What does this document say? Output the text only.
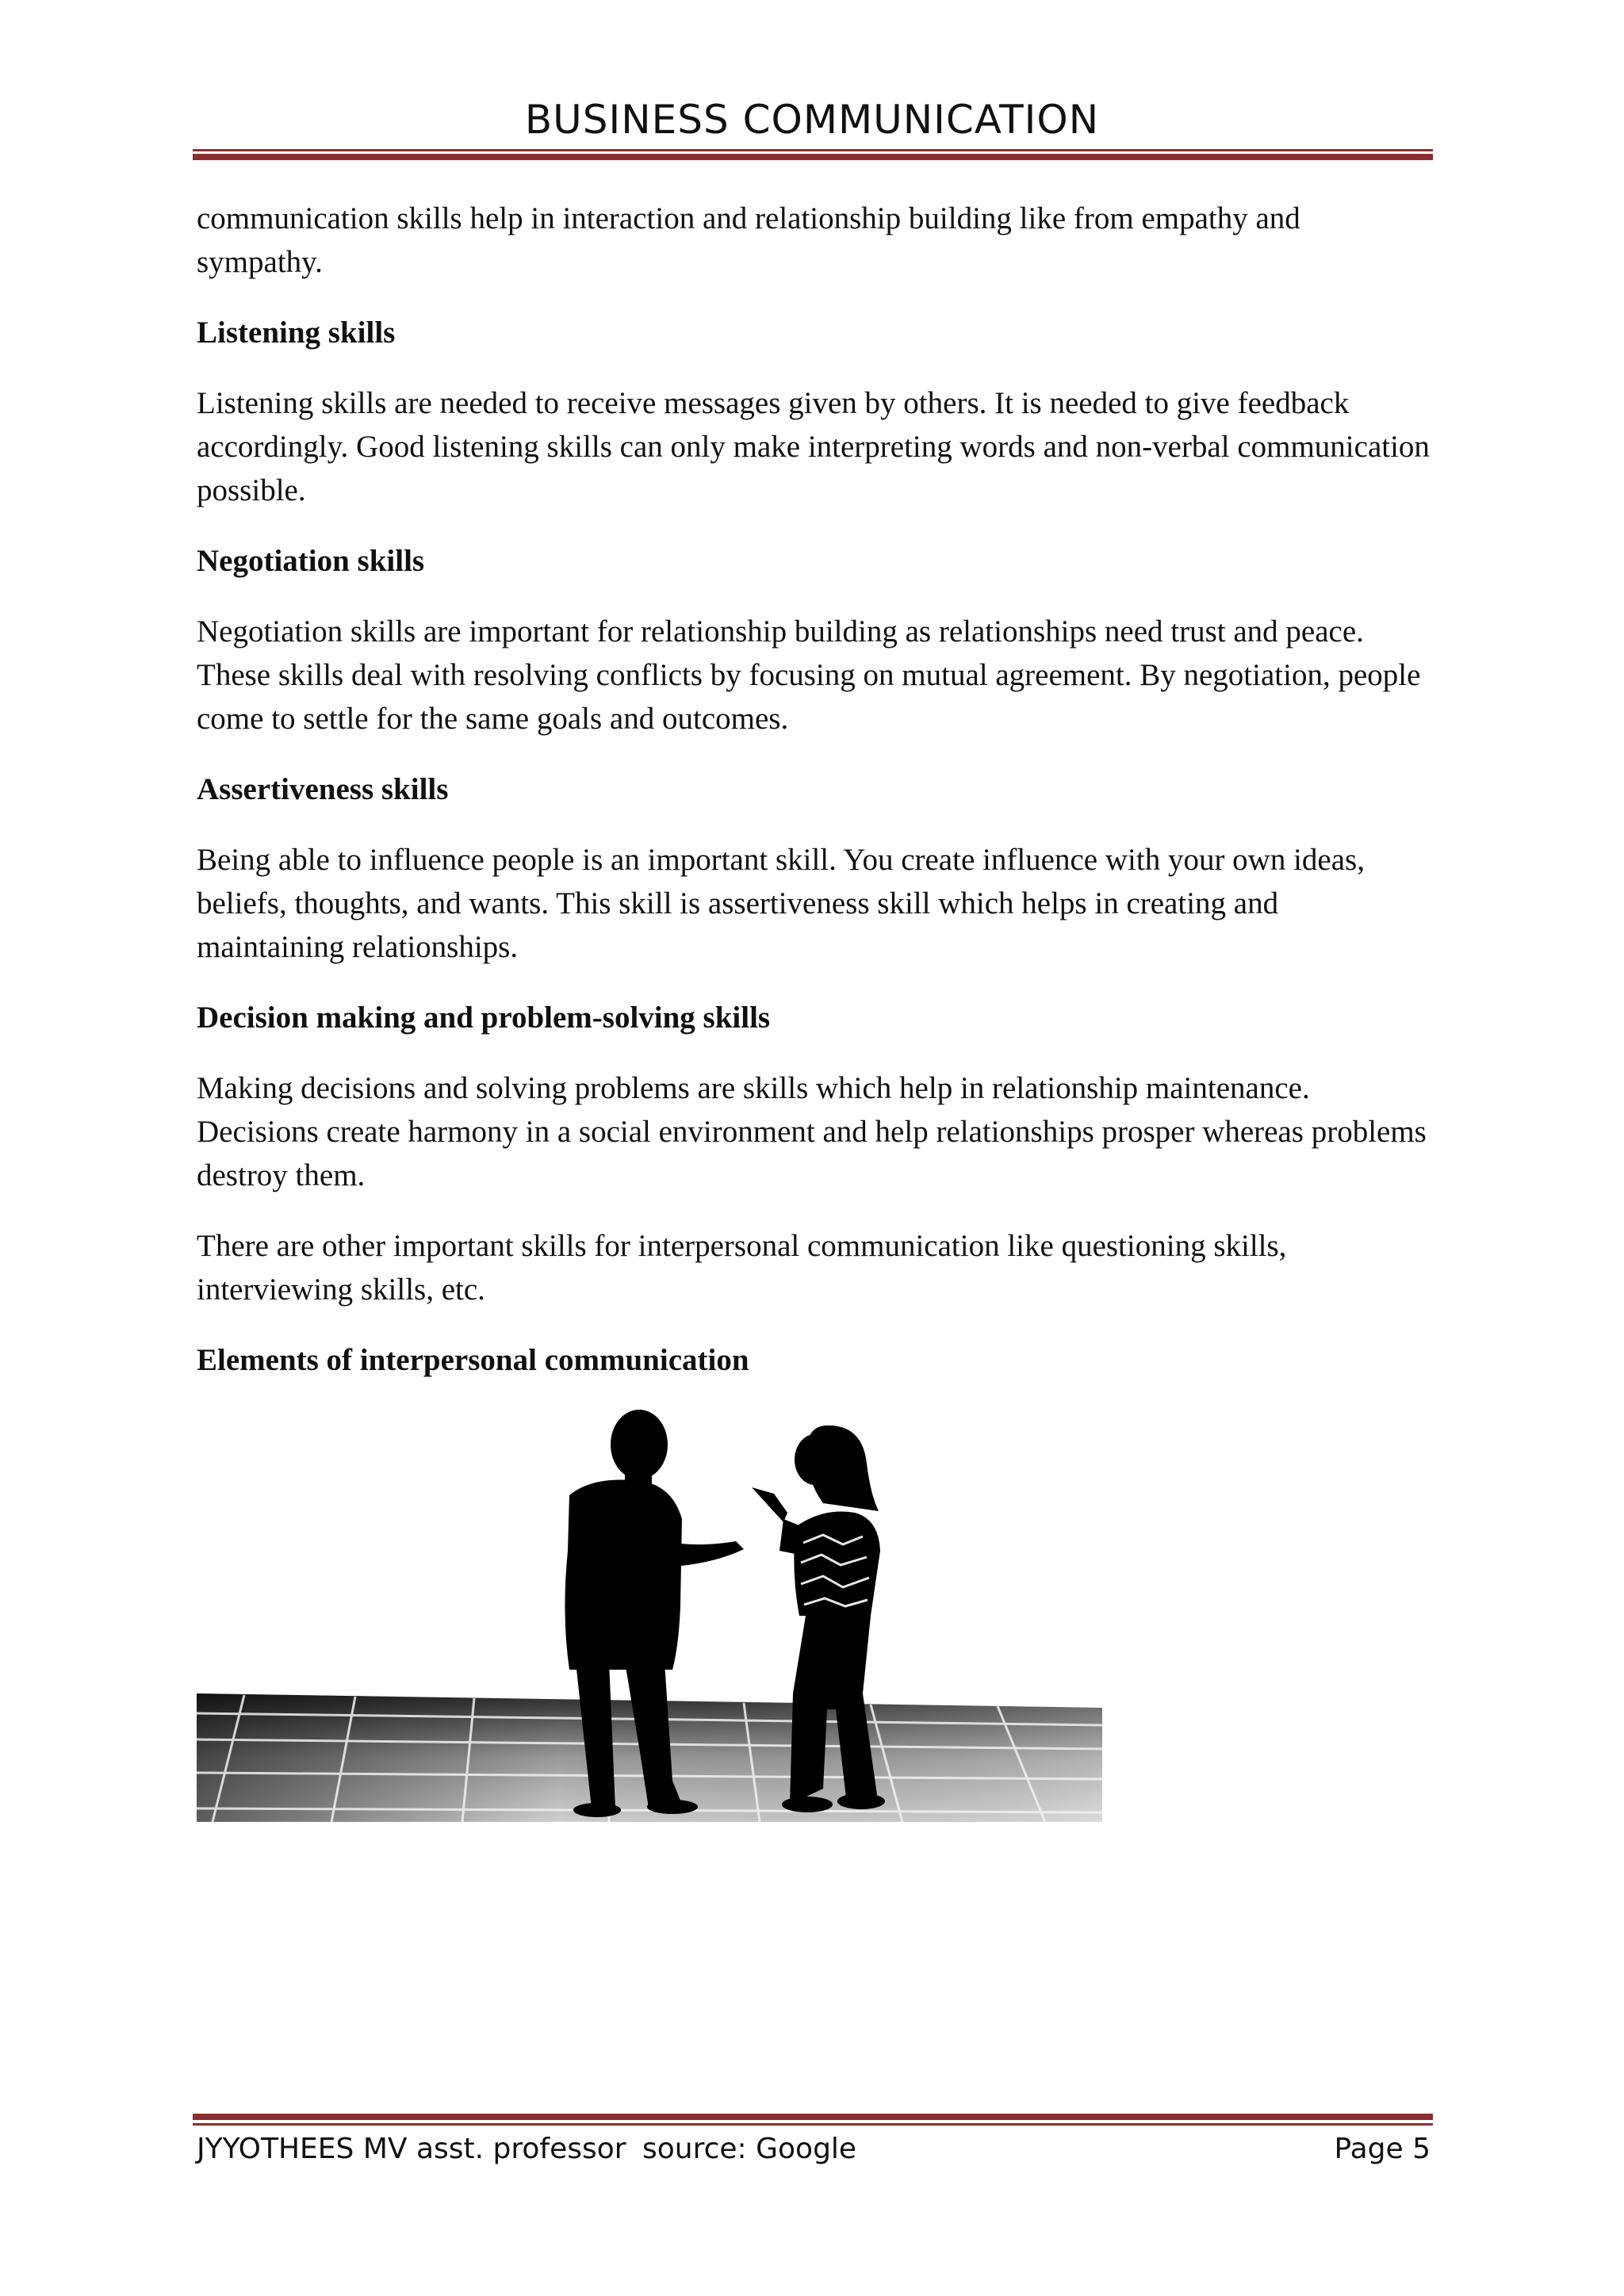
BUSINESS COMMUNICATION

communication skills help in interaction and relationship building like from empathy and sympathy.

Listening skills

Listening skills are needed to receive messages given by others. It is needed to give feedback accordingly. Good listening skills can only make interpreting words and non-verbal communication possible.

Negotiation skills

Negotiation skills are important for relationship building as relationships need trust and peace. These skills deal with resolving conflicts by focusing on mutual agreement. By negotiation, people come to settle for the same goals and outcomes.

Assertiveness skills

Being able to influence people is an important skill. You create influence with your own ideas, beliefs, thoughts, and wants. This skill is assertiveness skill which helps in creating and maintaining relationships.

Decision making and problem-solving skills

Making decisions and solving problems are skills which help in relationship maintenance. Decisions create harmony in a social environment and help relationships prosper whereas problems destroy them.

There are other important skills for interpersonal communication like questioning skills, interviewing skills, etc.

Elements of interpersonal communication
JYYOTHEES MV asst. professor source: Google	Page 5
